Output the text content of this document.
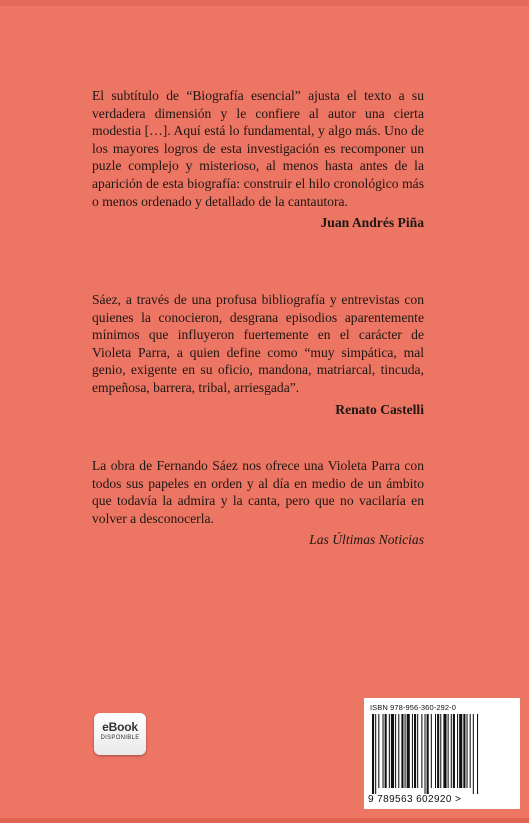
El subtítulo de “Biografía esencial” ajusta el texto a su verdadera dimensión y le confiere al autor una cierta modestia […]. Aquí está lo fundamental, y algo más. Uno de los mayores logros de esta investigación es recomponer un puzle complejo y misterioso, al menos hasta antes de la aparición de esta biografía: construir el hilo cronológico más o menos ordenado y detallado de la cantautora.

Juan Andrés Piña

Sáez, a través de una profusa bibliografía y entrevistas con quienes la conocieron, desgrana episodios aparentemente mínimos que influyeron fuertemente en el carácter de Violeta Parra, a quien define como “muy simpática, mal genio, exigente en su oficio, mandona, matriarcal, tincuda, empeñosa, barrera, tribal, arriesgada”.

Renato Castelli

La obra de Fernando Sáez nos ofrece una Violeta Parra con todos sus papeles en orden y al día en medio de un ámbito que todavía la admira y la canta, pero que no vacilaría en volver a desconocerla.

Las Últimas Noticias
eBook
DISPONIBLE
ISBN 978-956-360-292-0
9 789563 602920 >
